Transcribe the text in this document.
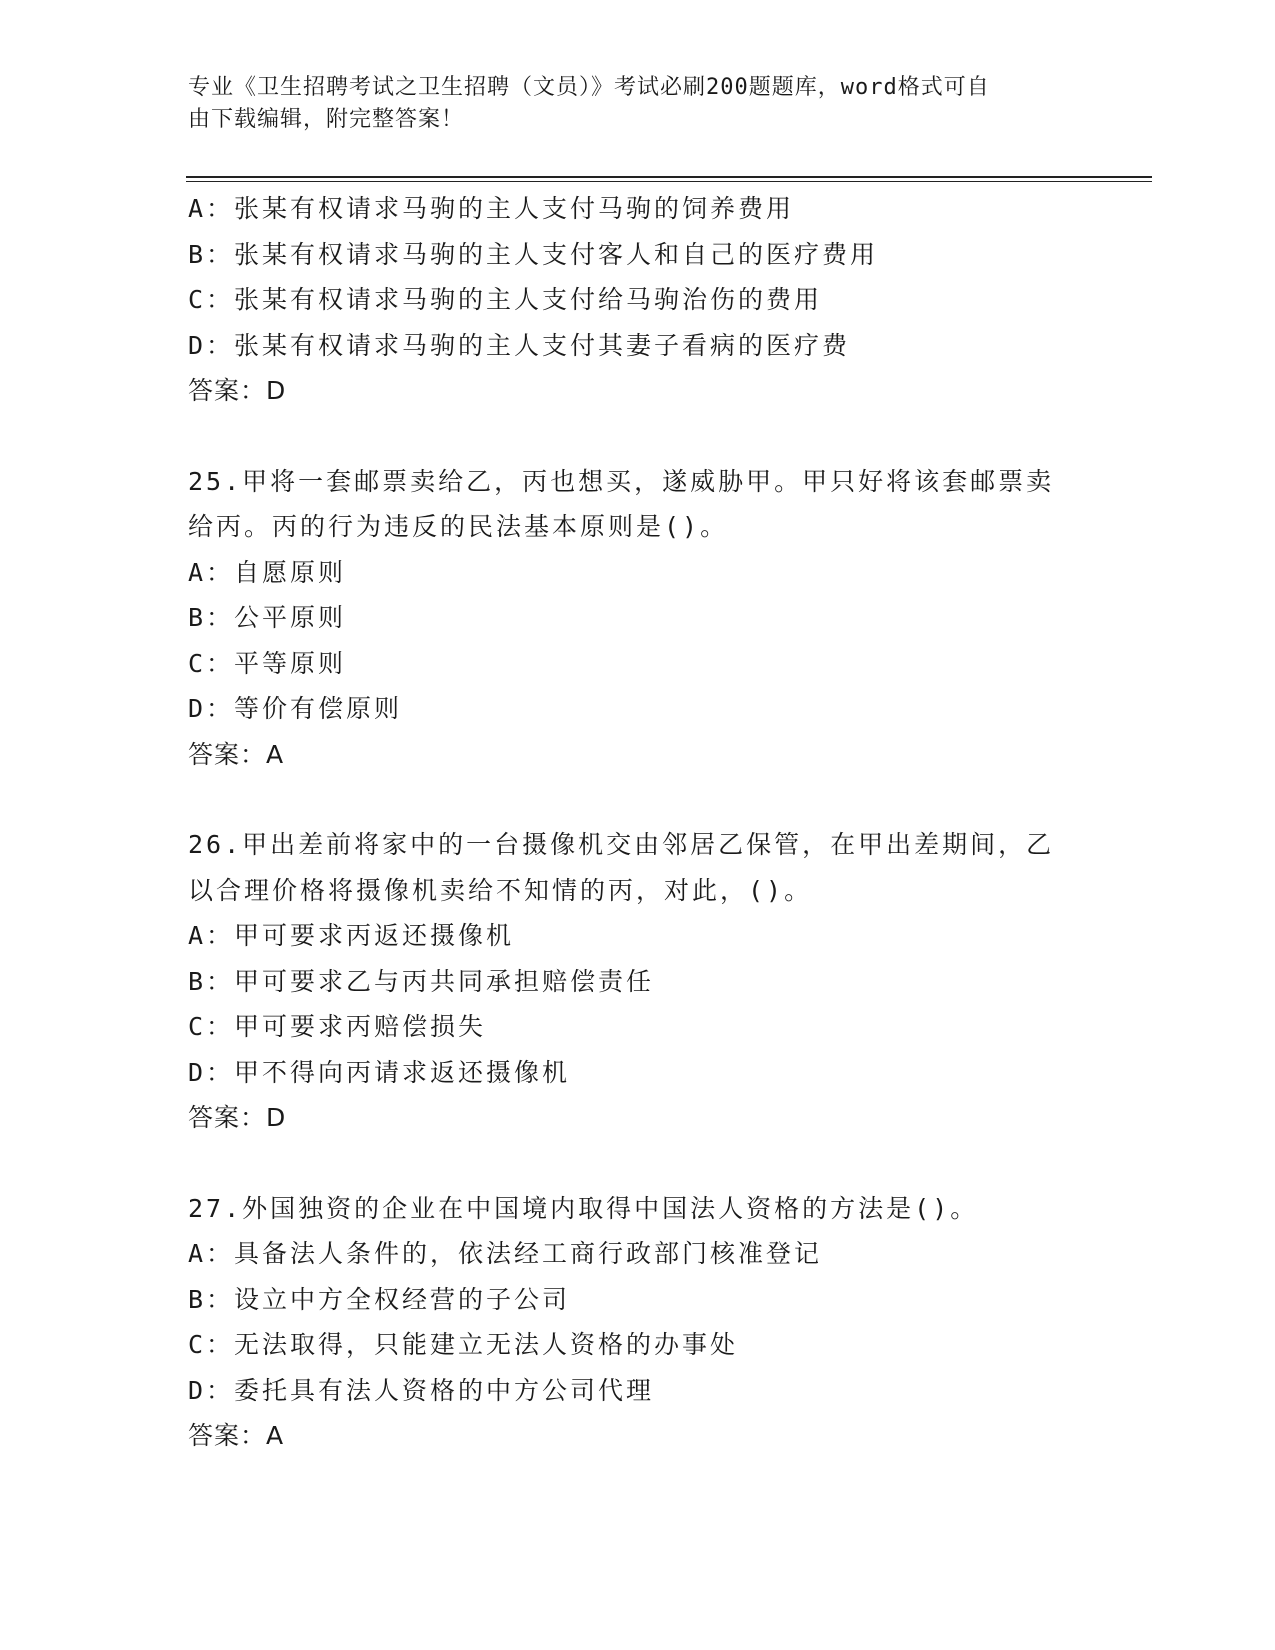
专业《卫生招聘考试之卫生招聘（文员）》考试必刷200题题库，word格式可自
由下载编辑，附完整答案！
A：张某有权请求马驹的主人支付马驹的饲养费用
B：张某有权请求马驹的主人支付客人和自己的医疗费用
C：张某有权请求马驹的主人支付给马驹治伤的费用
D：张某有权请求马驹的主人支付其妻子看病的医疗费
答案：D
25.甲将一套邮票卖给乙，丙也想买，遂威胁甲。甲只好将该套邮票卖
给丙。丙的行为违反的民法基本原则是()。
A：自愿原则
B：公平原则
C：平等原则
D：等价有偿原则
答案：A
26.甲出差前将家中的一台摄像机交由邻居乙保管，在甲出差期间，乙
以合理价格将摄像机卖给不知情的丙，对此，()。
A：甲可要求丙返还摄像机
B：甲可要求乙与丙共同承担赔偿责任
C：甲可要求丙赔偿损失
D：甲不得向丙请求返还摄像机
答案：D
27.外国独资的企业在中国境内取得中国法人资格的方法是()。
A：具备法人条件的，依法经工商行政部门核准登记
B：设立中方全权经营的子公司
C：无法取得，只能建立无法人资格的办事处
D：委托具有法人资格的中方公司代理
答案：A
